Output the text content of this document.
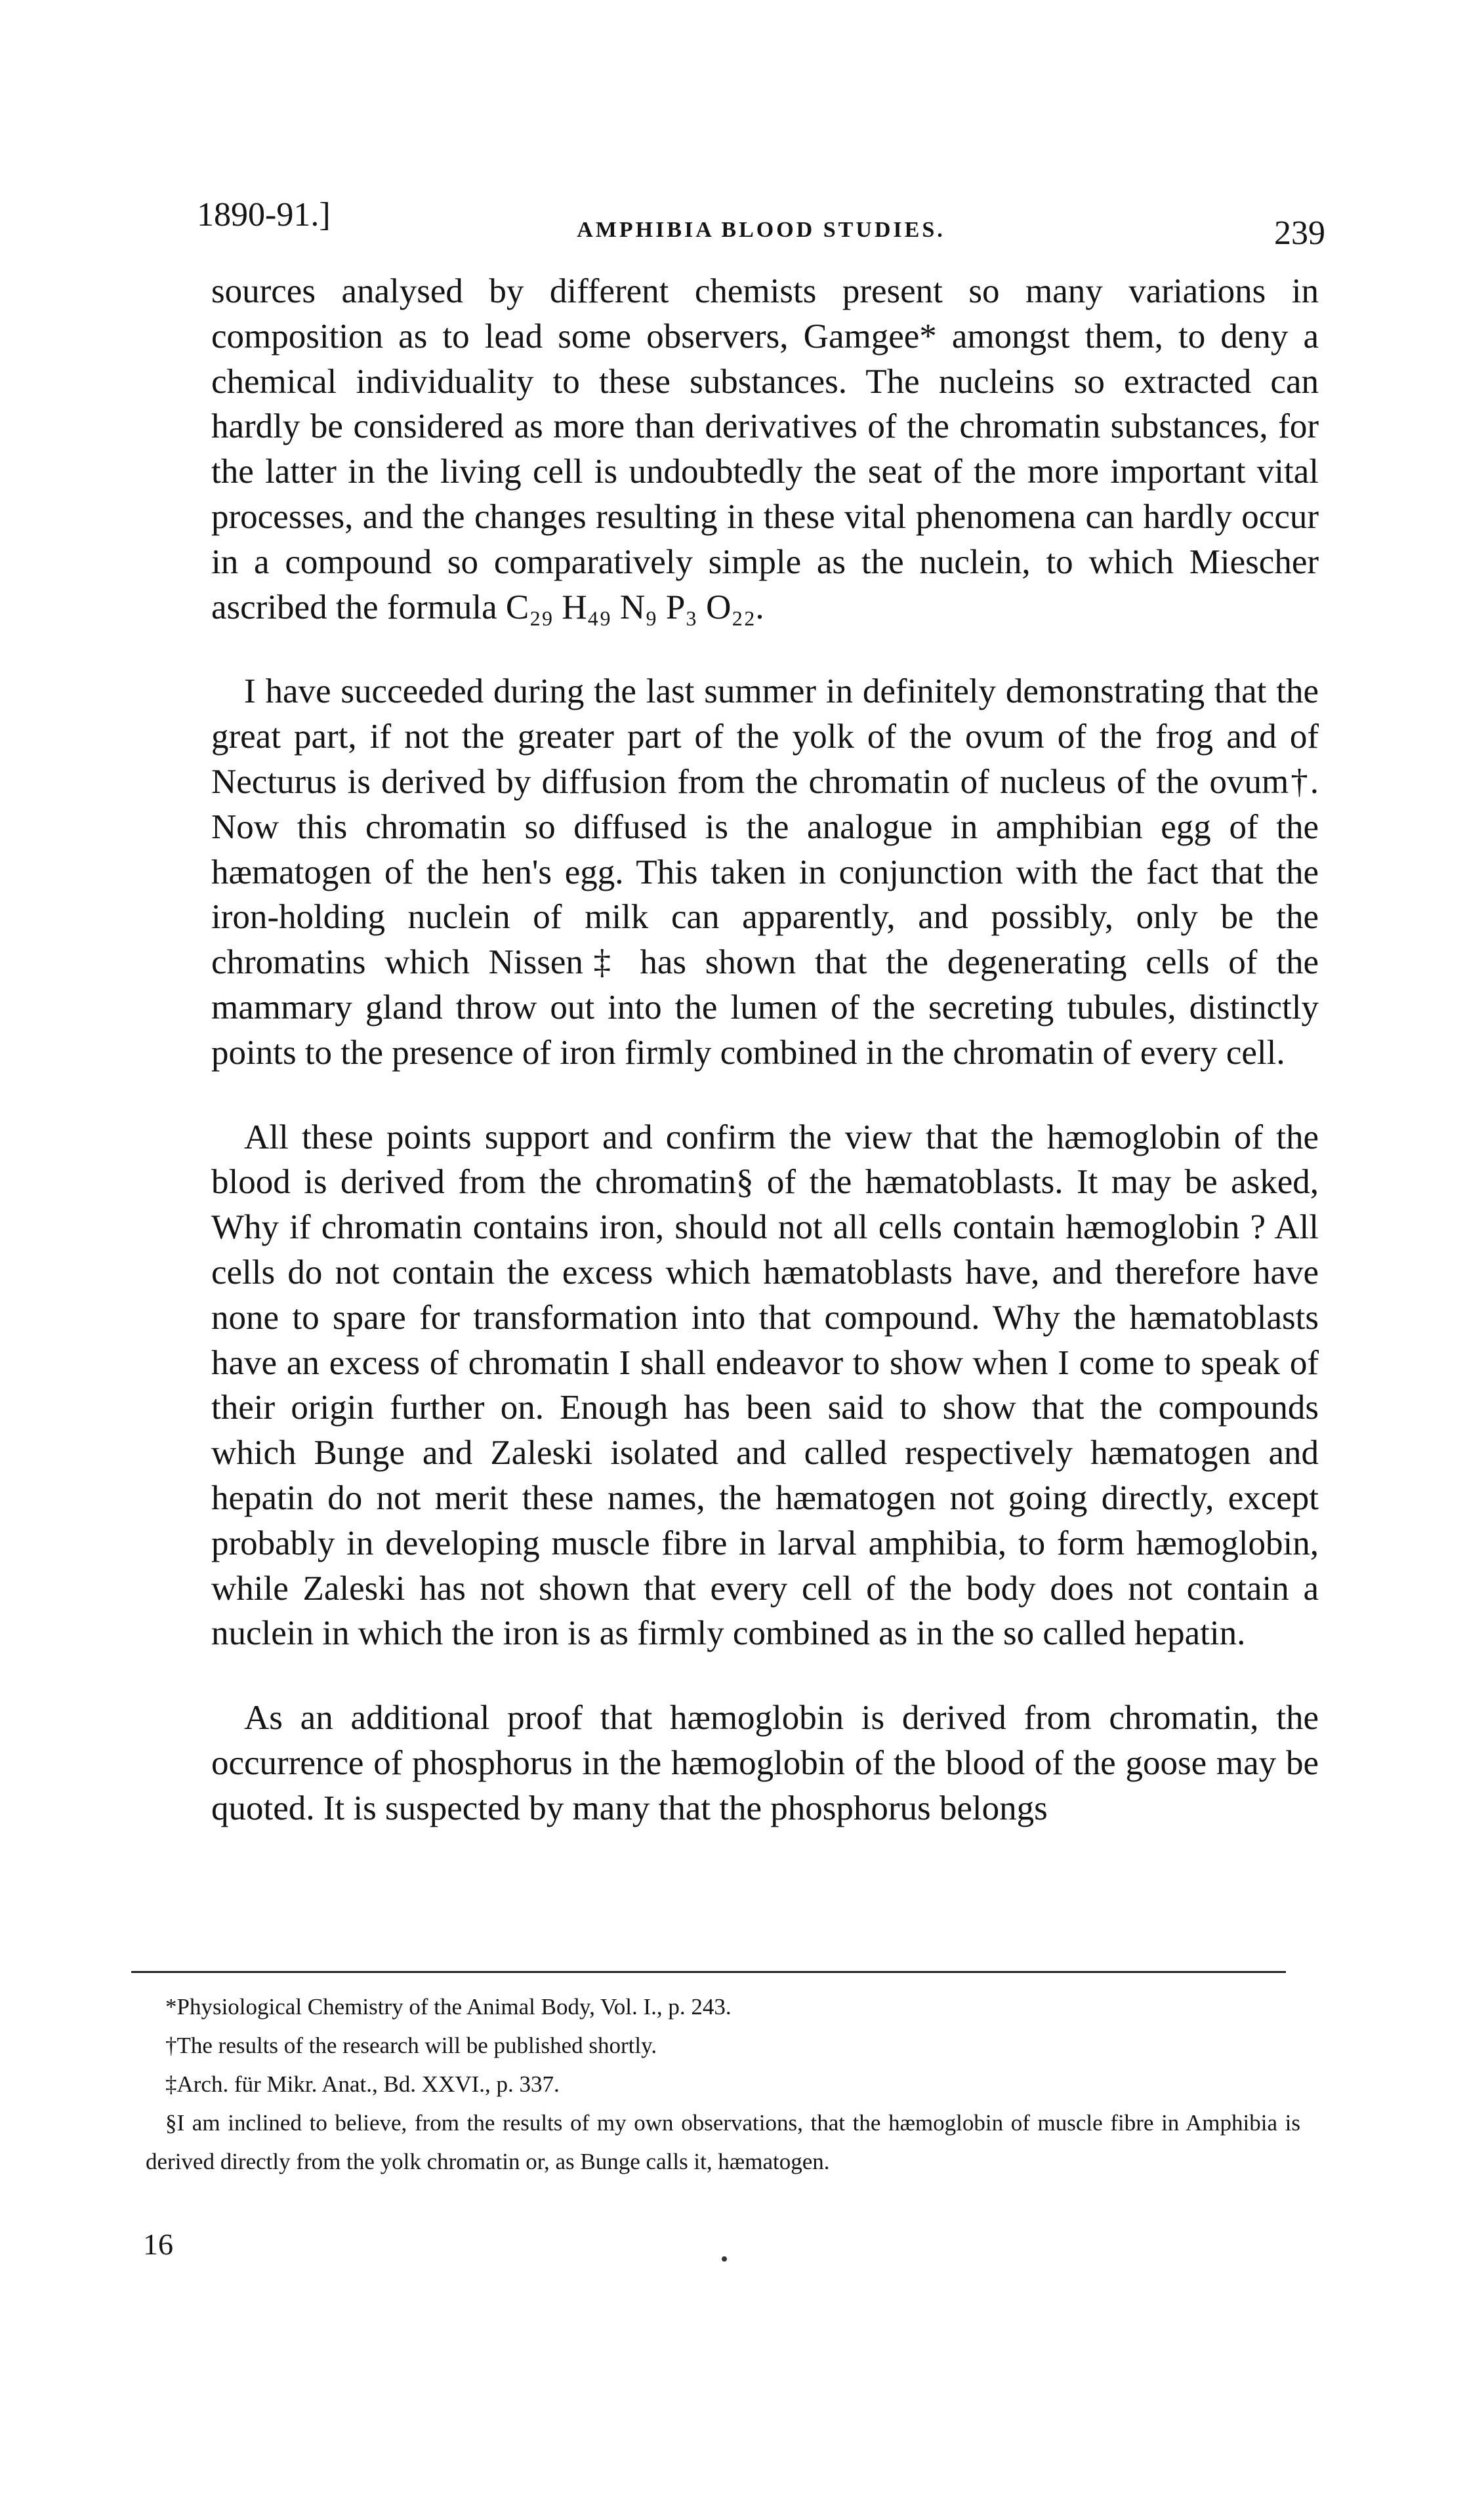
1890-91.]	AMPHIBIA BLOOD STUDIES.	239

sources analysed by different chemists present so many variations in composition as to lead some observers, Gamgee* amongst them, to deny a chemical individuality to these substances. The nucleins so extracted can hardly be considered as more than derivatives of the chromatin substances, for the latter in the living cell is undoubtedly the seat of the more important vital processes, and the changes resulting in these vital phenomena can hardly occur in a compound so comparatively simple as the nuclein, to which Miescher ascribed the formula C₂₉ H₄₉ N₉ P₃ O₂₂.

I have succeeded during the last summer in definitely demonstrating that the great part, if not the greater part of the yolk of the ovum of the frog and of Necturus is derived by diffusion from the chromatin of nucleus of the ovum†. Now this chromatin so diffused is the analogue in amphibian egg of the hæmatogen of the hen's egg. This taken in conjunction with the fact that the iron-holding nuclein of milk can apparently, and possibly, only be the chromatins which Nissen‡ has shown that the degenerating cells of the mammary gland throw out into the lumen of the secreting tubules, distinctly points to the presence of iron firmly combined in the chromatin of every cell.

All these points support and confirm the view that the hæmoglobin of the blood is derived from the chromatin§ of the hæmatoblasts. It may be asked, Why if chromatin contains iron, should not all cells contain hæmoglobin ? All cells do not contain the excess which hæmatoblasts have, and therefore have none to spare for transformation into that compound. Why the hæmatoblasts have an excess of chromatin I shall endeavor to show when I come to speak of their origin further on. Enough has been said to show that the compounds which Bunge and Zaleski isolated and called respectively hæmatogen and hepatin do not merit these names, the hæmatogen not going directly, except probably in developing muscle fibre in larval amphibia, to form hæmoglobin, while Zaleski has not shown that every cell of the body does not contain a nuclein in which the iron is as firmly combined as in the so called hepatin.

As an additional proof that hæmoglobin is derived from chromatin, the occurrence of phosphorus in the hæmoglobin of the blood of the goose may be quoted. It is suspected by many that the phosphorus belongs

*Physiological Chemistry of the Animal Body, Vol. I., p. 243.

†The results of the research will be published shortly.

‡Arch. für Mikr. Anat., Bd. XXVI., p. 337.

§I am inclined to believe, from the results of my own observations, that the hæmoglobin of muscle fibre in Amphibia is derived directly from the yolk chromatin or, as Bunge calls it, hæmatogen.

16
